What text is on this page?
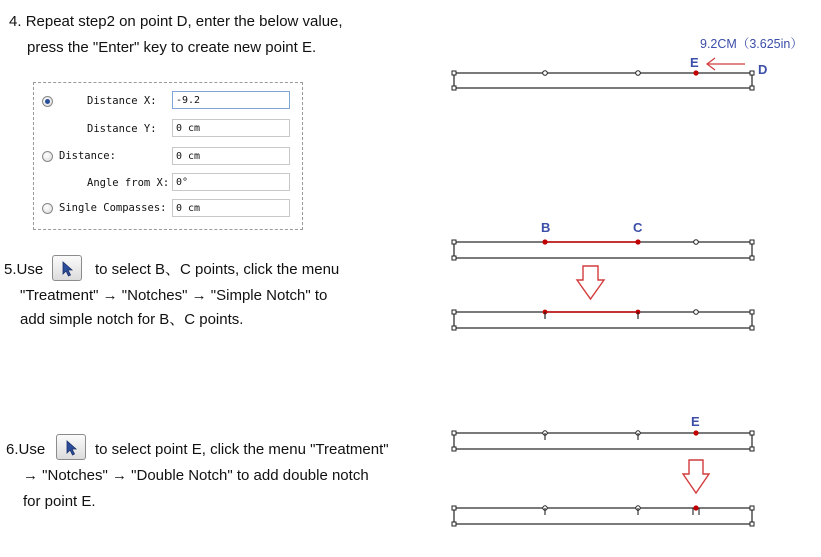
4. Repeat step2 on point D, enter the below value,
press the "Enter" key to create new point E.
Distance X:	-9.2
Distance Y:	0 cm
Distance:	0 cm
Angle from X: 0°
Single Compasses: 0 cm
5.Use	to select B、C points, click the menu
"Treatment" → "Notches" → "Simple Notch" to
add simple notch for B、C points.
6.Use	to select point E, click the menu "Treatment"
→ "Notches" → "Double Notch" to add double notch
for point E.
9.2CM（3.625in）
E	D
B	C
E
